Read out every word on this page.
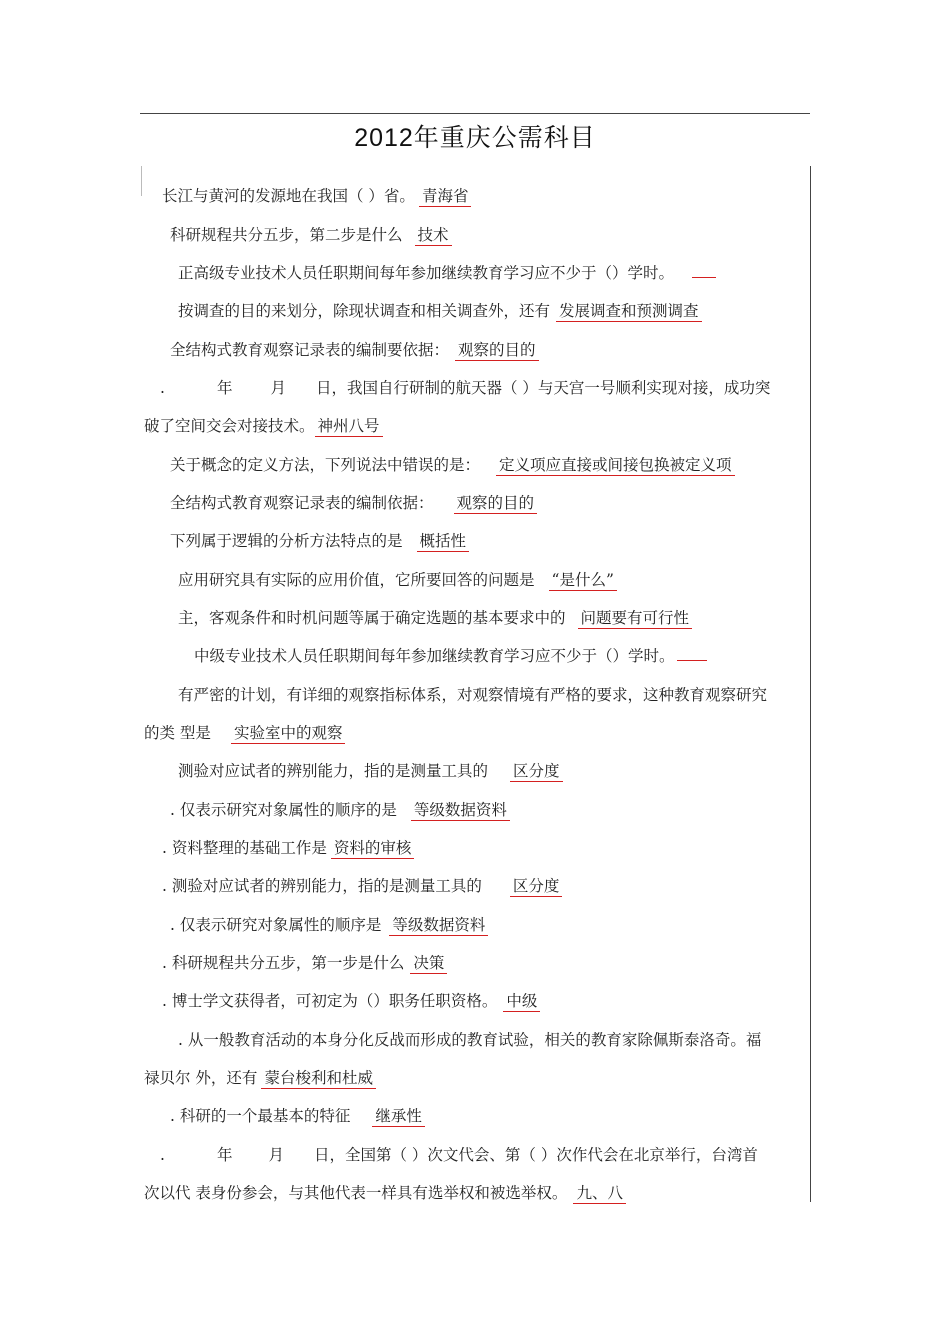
2012年重庆公需科目
长江与黄河的发源地在我国（ ）省。 青海省
科研规程共分五步，第二步是什么 技术
正高级专业技术人员任职期间每年参加继续教育学习应不少于（）学时。
按调查的目的来划分，除现状调查和相关调查外，还有 发展调查和预测调查
全结构式教育观察记录表的编制要依据： 观察的目的
.	年 月 日，我国自行研制的航天器（ ）与天宫一号顺利实现对接，成功突
破了空间交会对接技术。 神州八号
关于概念的定义方法，下列说法中错误的是： 定义项应直接或间接包换被定义项
全结构式教育观察记录表的编制依据： 观察的目的
下列属于逻辑的分析方法特点的是 概括性
应用研究具有实际的应用价值，它所要回答的问题是 “是什么”
主，客观条件和时机问题等属于确定选题的基本要求中的 问题要有可行性
中级专业技术人员任职期间每年参加继续教育学习应不少于（）学时。
有严密的计划，有详细的观察指标体系，对观察情境有严格的要求，这种教育观察研究
的类 型是 实验室中的观察
测验对应试者的辨别能力，指的是测量工具的 区分度
. 仅表示研究对象属性的顺序的是 等级数据资料
. 资料整理的基础工作是 资料的审核
. 测验对应试者的辨别能力，指的是测量工具的 区分度
. 仅表示研究对象属性的顺序是 等级数据资料
. 科研规程共分五步，第一步是什么 决策
. 博士学文获得者，可初定为（）职务任职资格。 中级
. 从一般教育活动的本身分化反战而形成的教育试验，相关的教育家除佩斯泰洛奇。福
禄贝尔 外，还有 蒙台梭利和杜威
. 科研的一个最基本的特征 继承性
.	年 月 日，全国第（ ）次文代会、第（ ）次作代会在北京举行，台湾首
次以代 表身份参会，与其他代表一样具有选举权和被选举权。 九、八
